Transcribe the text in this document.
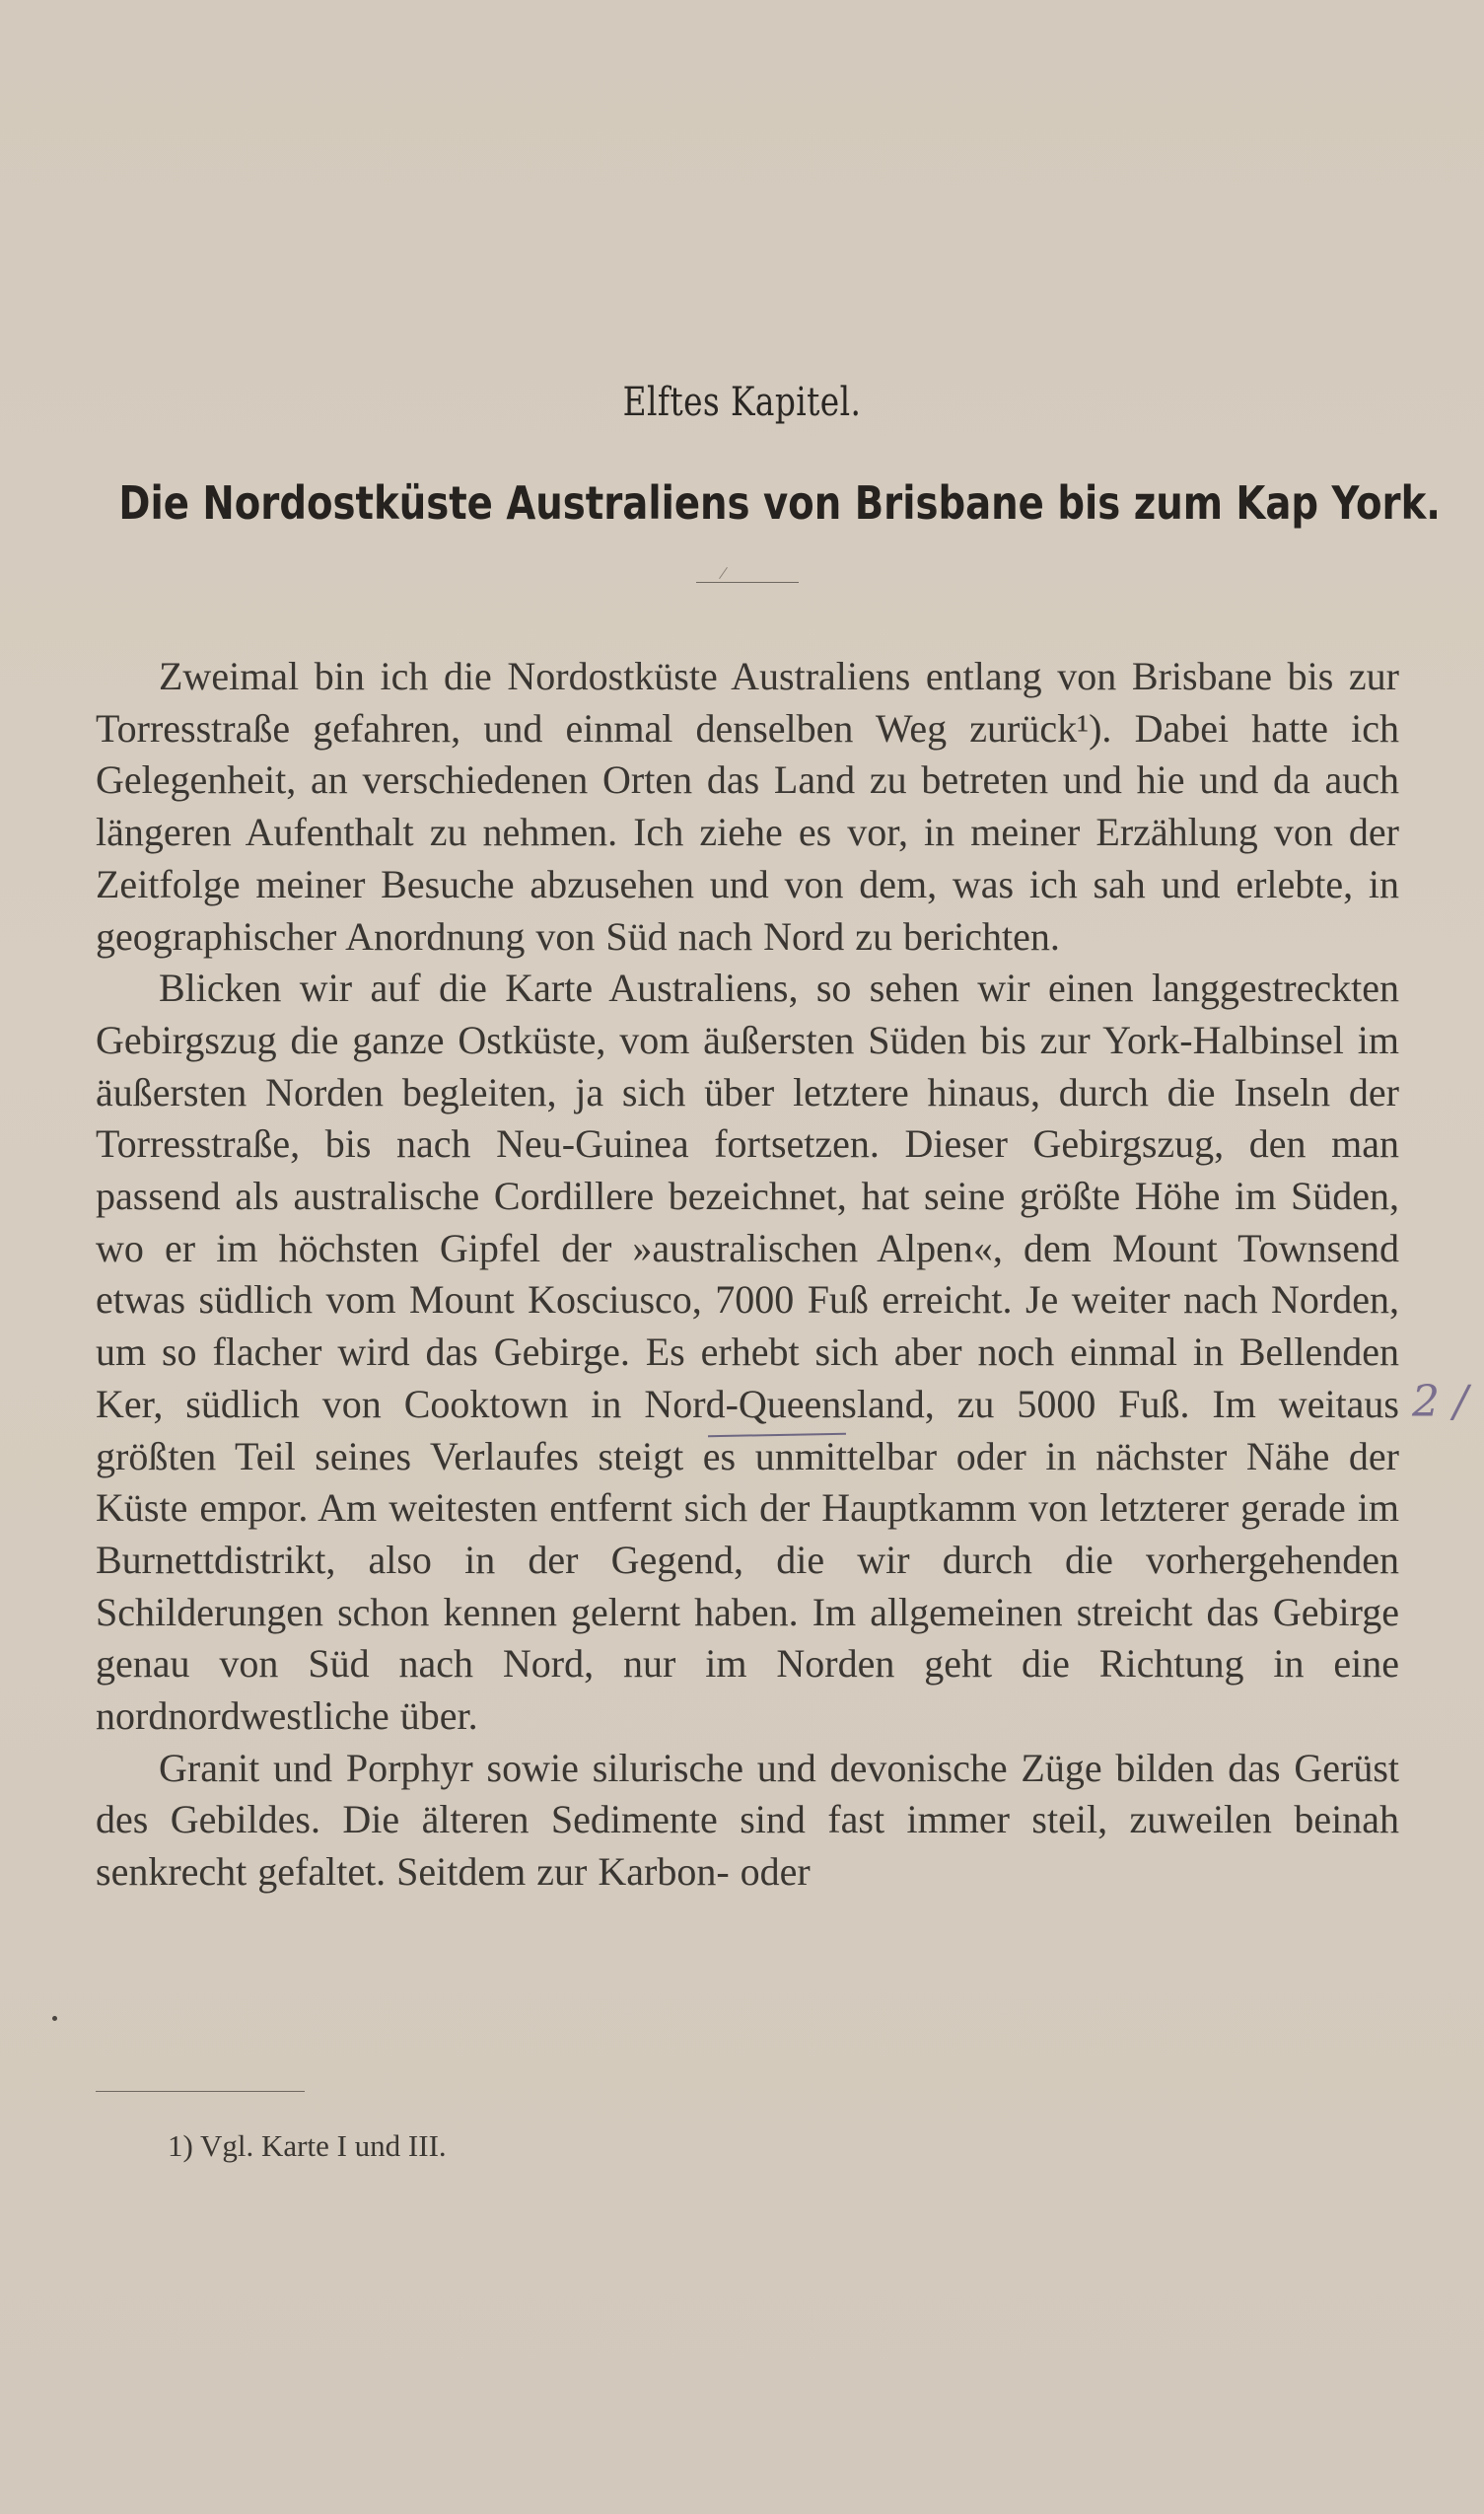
Elftes Kapitel.
Die Nordostküste Australiens von Brisbane bis zum Kap York.

Zweimal bin ich die Nordostküste Australiens entlang von Brisbane bis zur Torresstraße gefahren, und einmal denselben Weg zurück¹). Dabei hatte ich Gelegenheit, an verschiedenen Orten das Land zu betreten und hie und da auch längeren Aufenthalt zu nehmen. Ich ziehe es vor, in meiner Erzählung von der Zeitfolge meiner Besuche abzusehen und von dem, was ich sah und erlebte, in geographischer Anordnung von Süd nach Nord zu berichten.

Blicken wir auf die Karte Australiens, so sehen wir einen langgestreckten Gebirgszug die ganze Ostküste, vom äußersten Süden bis zur York-Halbinsel im äußersten Norden begleiten, ja sich über letztere hinaus, durch die Inseln der Torresstraße, bis nach Neu-Guinea fortsetzen. Dieser Gebirgszug, den man passend als australische Cordillere bezeichnet, hat seine größte Höhe im Süden, wo er im höchsten Gipfel der »australischen Alpen«, dem Mount Townsend etwas südlich vom Mount Kosciusco, 7000 Fuß erreicht. Je weiter nach Norden, um so flacher wird das Gebirge. Es erhebt sich aber noch einmal in Bellenden Ker, südlich von Cooktown in Nord-Queensland, zu 5000 Fuß. Im weitaus größten Teil seines Verlaufes steigt es unmittelbar oder in nächster Nähe der Küste empor. Am weitesten entfernt sich der Hauptkamm von letzterer gerade im Burnettdistrikt, also in der Gegend, die wir durch die vorhergehenden Schilderungen schon kennen gelernt haben. Im allgemeinen streicht das Gebirge genau von Süd nach Nord, nur im Norden geht die Richtung in eine nordnordwestliche über.

Granit und Porphyr sowie silurische und devonische Züge bilden das Gerüst des Gebildes. Die älteren Sedimente sind fast immer steil, zuweilen beinah senkrecht gefaltet. Seitdem zur Karbon- oder

2 /
1) Vgl. Karte I und III.
